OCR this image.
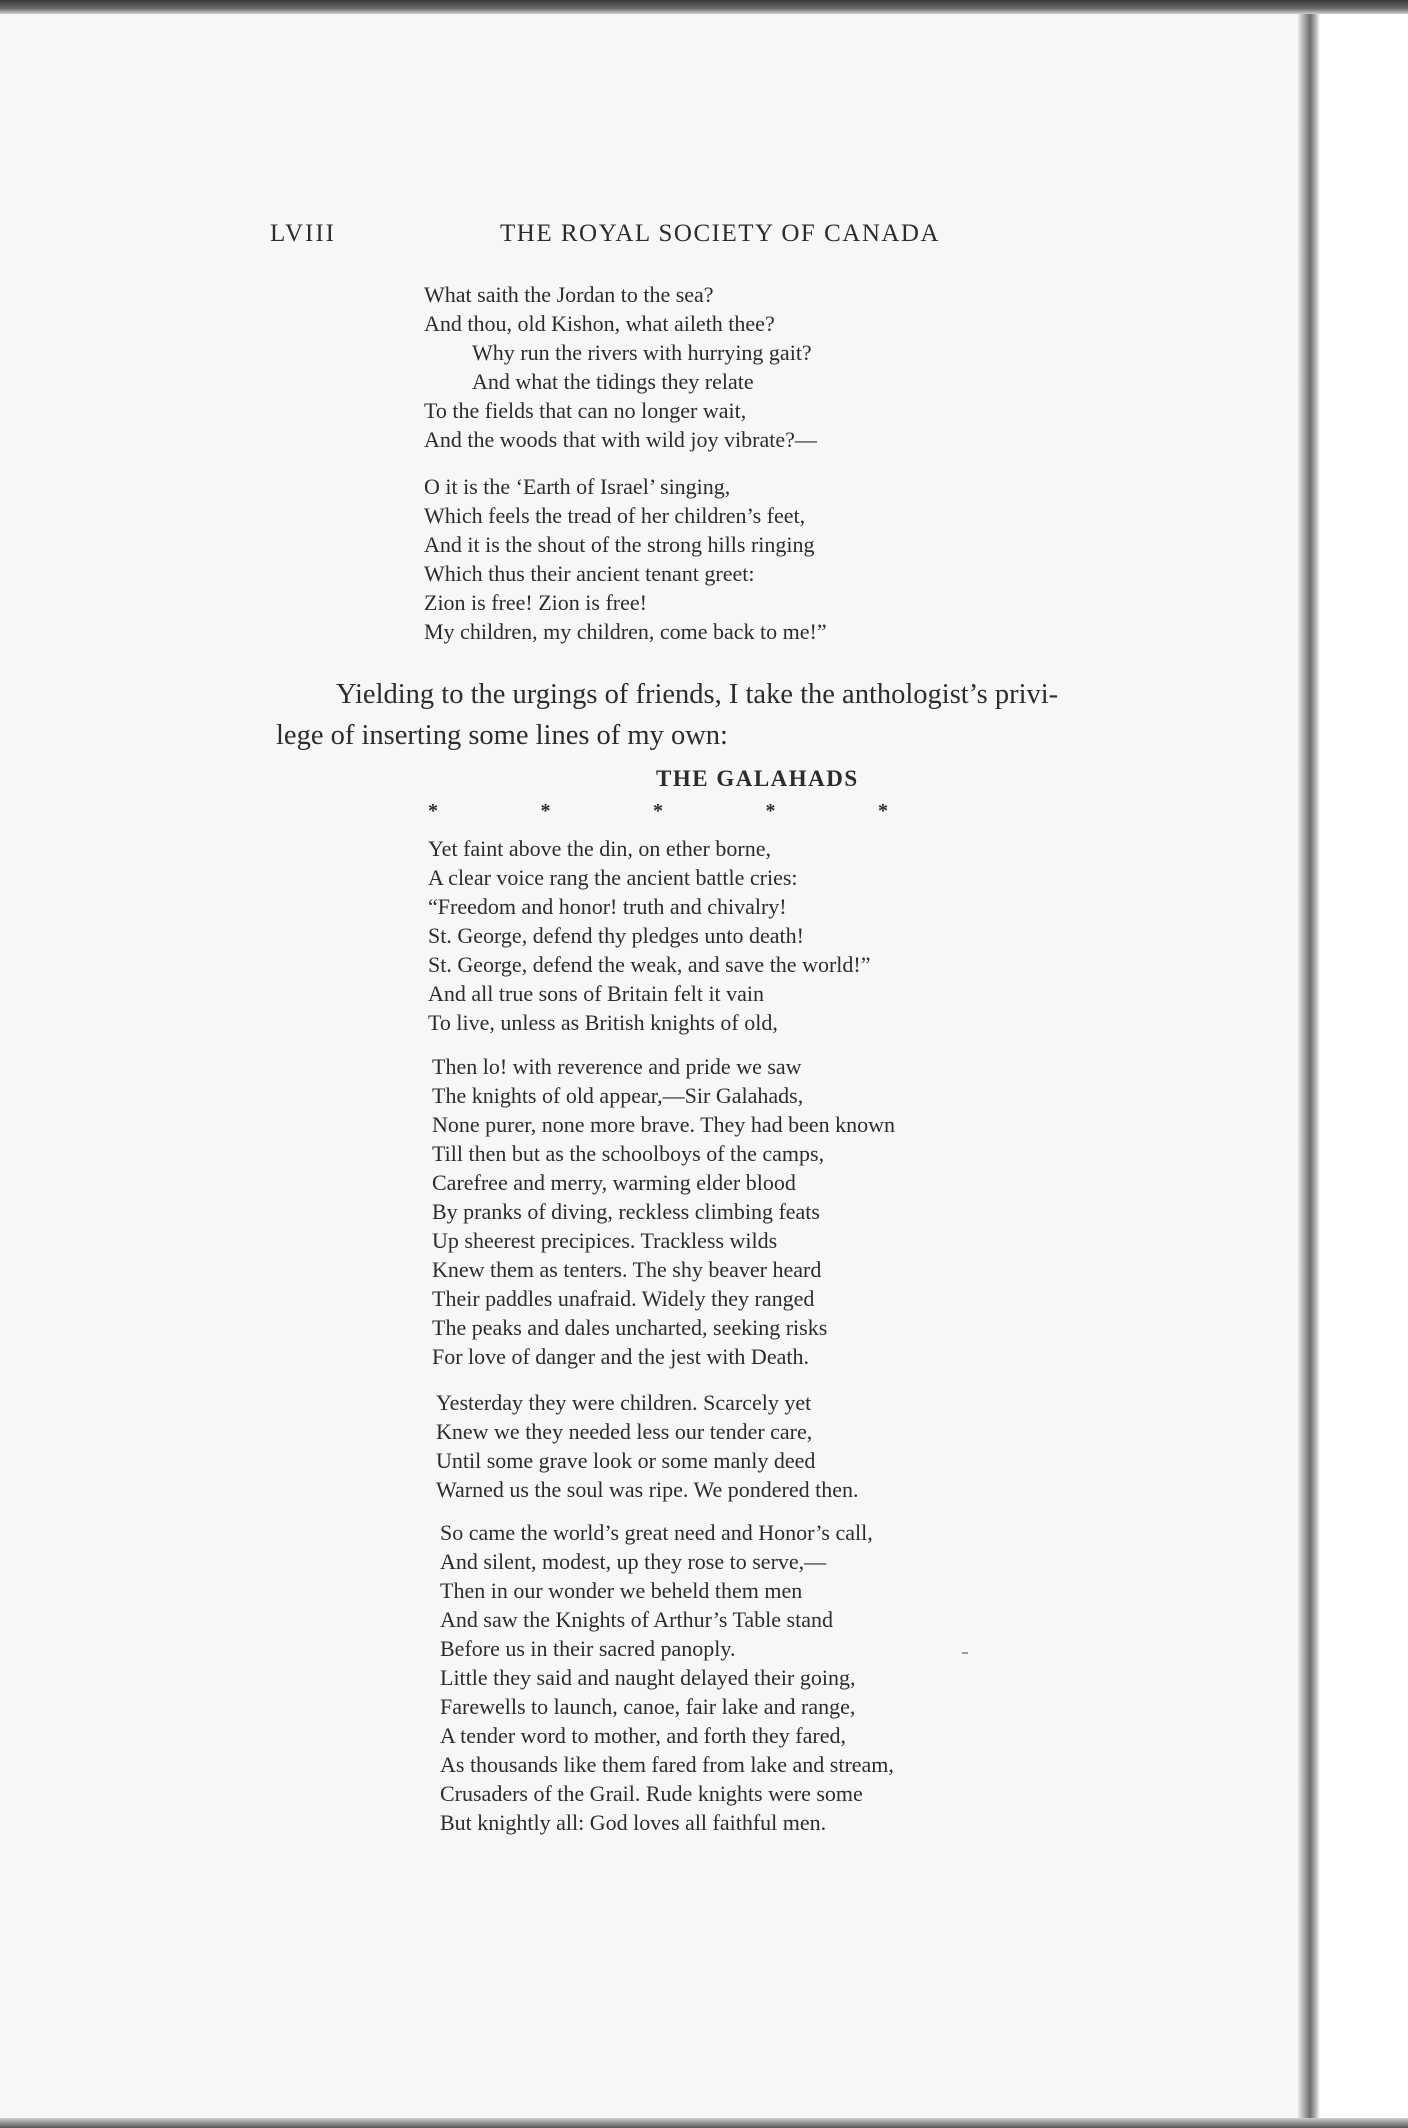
LVIII	THE ROYAL SOCIETY OF CANADA
What saith the Jordan to the sea?
And thou, old Kishon, what aileth thee?
Why run the rivers with hurrying gait?
And what the tidings they relate
To the fields that can no longer wait,
And the woods that with wild joy vibrate?—
O it is the ‘Earth of Israel’ singing,
Which feels the tread of her children’s feet,
And it is the shout of the strong hills ringing
Which thus their ancient tenant greet:
Zion is free! Zion is free!
My children, my children, come back to me!”

Yielding to the urgings of friends, I take the anthologist’s privi-
lege of inserting some lines of my own:

THE GALAHADS
*	*	*	*	*
Yet faint above the din, on ether borne,
A clear voice rang the ancient battle cries:
“Freedom and honor! truth and chivalry!
St. George, defend thy pledges unto death!
St. George, defend the weak, and save the world!”
And all true sons of Britain felt it vain
To live, unless as British knights of old,
Then lo! with reverence and pride we saw
The knights of old appear,—Sir Galahads,
None purer, none more brave. They had been known
Till then but as the schoolboys of the camps,
Carefree and merry, warming elder blood
By pranks of diving, reckless climbing feats
Up sheerest precipices. Trackless wilds
Knew them as tenters. The shy beaver heard
Their paddles unafraid. Widely they ranged
The peaks and dales uncharted, seeking risks
For love of danger and the jest with Death.
Yesterday they were children. Scarcely yet
Knew we they needed less our tender care,
Until some grave look or some manly deed
Warned us the soul was ripe. We pondered then.
So came the world’s great need and Honor’s call,
And silent, modest, up they rose to serve,—
Then in our wonder we beheld them men
And saw the Knights of Arthur’s Table stand
Before us in their sacred panoply.
Little they said and naught delayed their going,
Farewells to launch, canoe, fair lake and range,
A tender word to mother, and forth they fared,
As thousands like them fared from lake and stream,
Crusaders of the Grail. Rude knights were some
But knightly all: God loves all faithful men.
